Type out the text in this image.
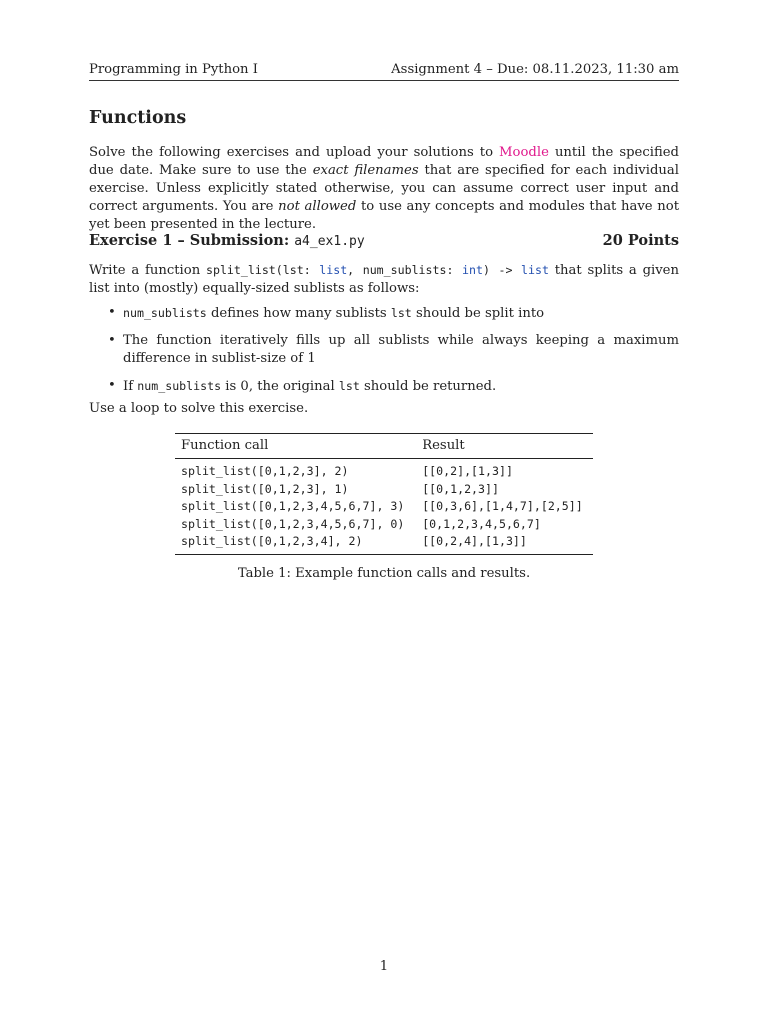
Programming in Python I	Assignment 4 – Due: 08.11.2023, 11:30 am
Functions

Solve the following exercises and upload your solutions to Moodle until the specified due date. Make sure to use the exact filenames that are specified for each individual exercise. Unless explicitly stated otherwise, you can assume correct user input and correct arguments. You are not allowed to use any concepts and modules that have not yet been presented in the lecture.

Exercise 1 – Submission: a4_ex1.py	20 Points

Write a function split_list(lst: list, num_sublists: int) -> list that splits a given list into (mostly) equally-sized sublists as follows:

• num_sublists defines how many sublists lst should be split into
• The function iteratively fills up all sublists while always keeping a maximum difference in sublist-size of 1
• If num_sublists is 0, the original lst should be returned.

Use a loop to solve this exercise.

Function call	Result
split_list([0,1,2,3], 2)	[[0,2],[1,3]]
split_list([0,1,2,3], 1)	[[0,1,2,3]]
split_list([0,1,2,3,4,5,6,7], 3)	[[0,3,6],[1,4,7],[2,5]]
split_list([0,1,2,3,4,5,6,7], 0)	[0,1,2,3,4,5,6,7]
split_list([0,1,2,3,4], 2)	[[0,2,4],[1,3]]
Table 1: Example function calls and results.
1
